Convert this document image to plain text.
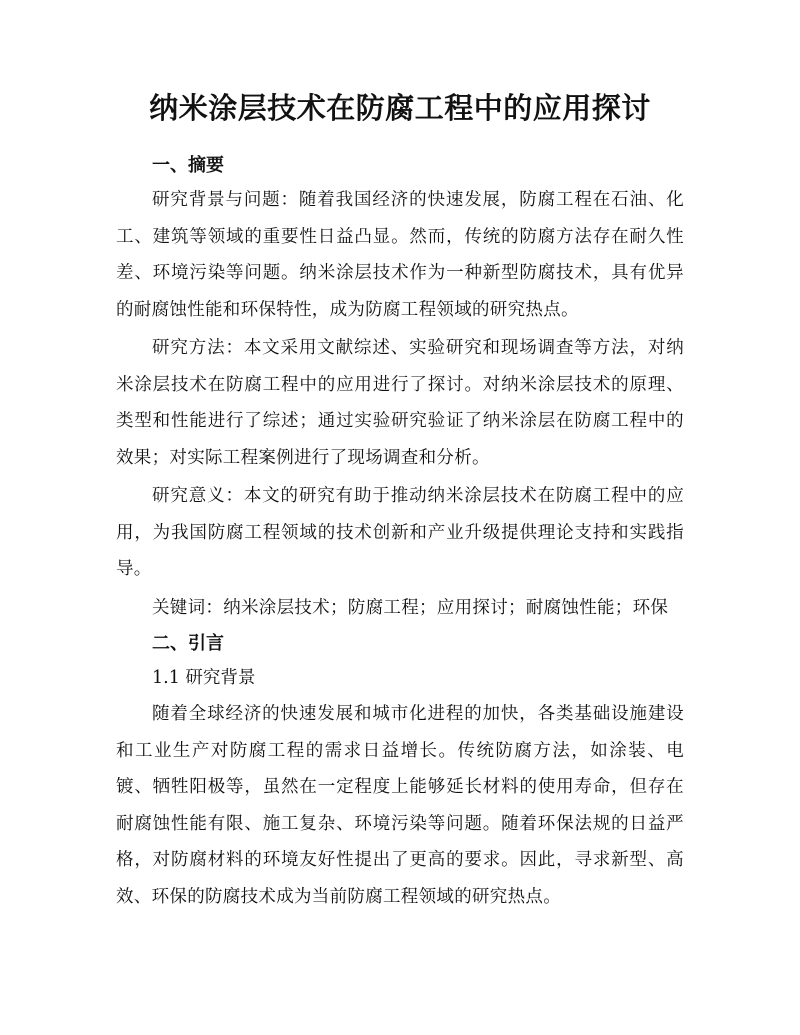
纳米涂层技术在防腐工程中的应用探讨
一、摘要

研究背景与问题：随着我国经济的快速发展，防腐工程在石油、化工、建筑等领域的重要性日益凸显。然而，传统的防腐方法存在耐久性差、环境污染等问题。纳米涂层技术作为一种新型防腐技术，具有优异的耐腐蚀性能和环保特性，成为防腐工程领域的研究热点。

研究方法：本文采用文献综述、实验研究和现场调查等方法，对纳米涂层技术在防腐工程中的应用进行了探讨。对纳米涂层技术的原理、类型和性能进行了综述；通过实验研究验证了纳米涂层在防腐工程中的效果；对实际工程案例进行了现场调查和分析。

研究意义：本文的研究有助于推动纳米涂层技术在防腐工程中的应用，为我国防腐工程领域的技术创新和产业升级提供理论支持和实践指导。

关键词：纳米涂层技术；防腐工程；应用探讨；耐腐蚀性能；环保

二、引言
1.1 研究背景

随着全球经济的快速发展和城市化进程的加快，各类基础设施建设和工业生产对防腐工程的需求日益增长。传统防腐方法，如涂装、电镀、牺牲阳极等，虽然在一定程度上能够延长材料的使用寿命，但存在耐腐蚀性能有限、施工复杂、环境污染等问题。随着环保法规的日益严格，对防腐材料的环境友好性提出了更高的要求。因此，寻求新型、高效、环保的防腐技术成为当前防腐工程领域的研究热点。
